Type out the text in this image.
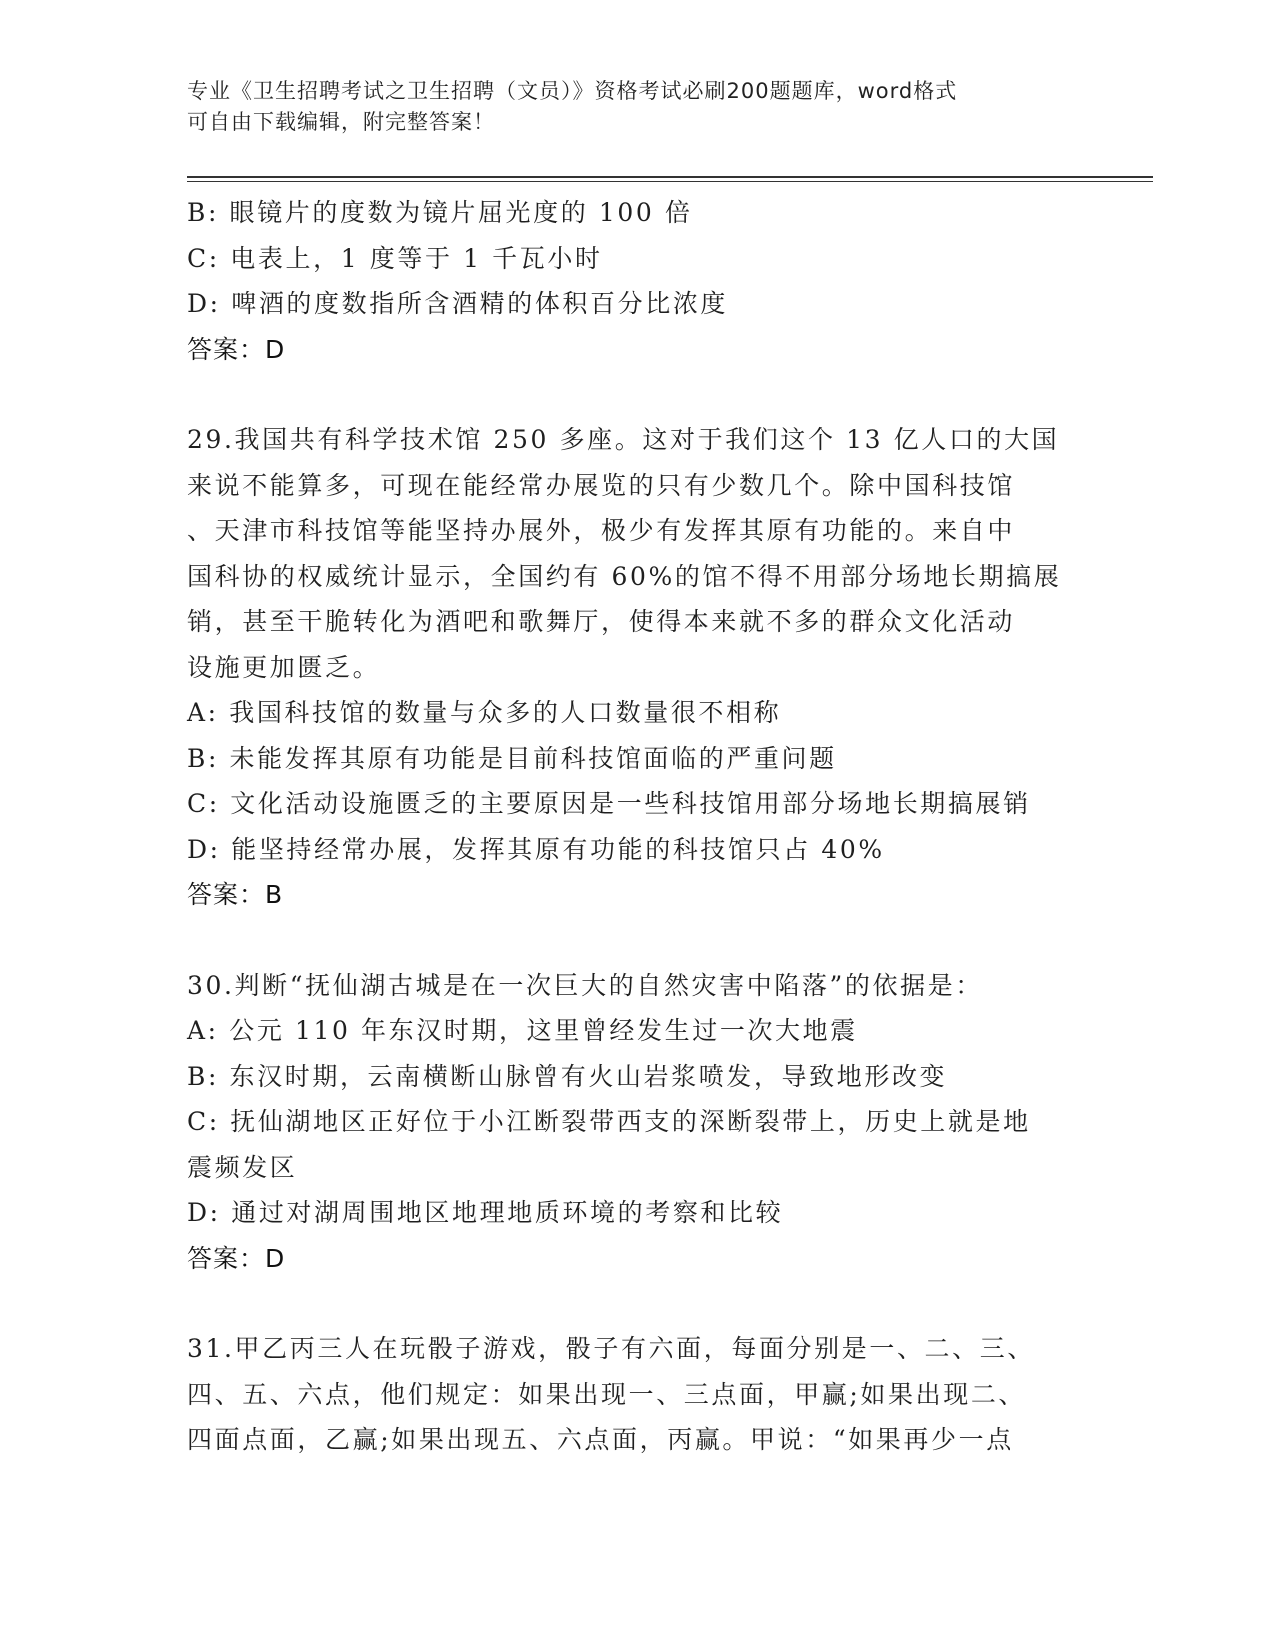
专业《卫生招聘考试之卫生招聘（文员）》资格考试必刷200题题库，word格式
可自由下载编辑，附完整答案！
B: 眼镜片的度数为镜片屈光度的 100 倍
C: 电表上，1 度等于 1 千瓦小时
D: 啤酒的度数指所含酒精的体积百分比浓度
答案：D
29.我国共有科学技术馆 250 多座。这对于我们这个 13 亿人口的大国
来说不能算多，可现在能经常办展览的只有少数几个。除中国科技馆
、天津市科技馆等能坚持办展外，极少有发挥其原有功能的。来自中
国科协的权威统计显示，全国约有 60%的馆不得不用部分场地长期搞展
销，甚至干脆转化为酒吧和歌舞厅，使得本来就不多的群众文化活动
设施更加匮乏。
A: 我国科技馆的数量与众多的人口数量很不相称
B: 未能发挥其原有功能是目前科技馆面临的严重问题
C: 文化活动设施匮乏的主要原因是一些科技馆用部分场地长期搞展销
D: 能坚持经常办展，发挥其原有功能的科技馆只占 40%
答案：B
30.判断“抚仙湖古城是在一次巨大的自然灾害中陷落”的依据是：
A: 公元 110 年东汉时期，这里曾经发生过一次大地震
B: 东汉时期，云南横断山脉曾有火山岩浆喷发，导致地形改变
C: 抚仙湖地区正好位于小江断裂带西支的深断裂带上，历史上就是地
震频发区
D: 通过对湖周围地区地理地质环境的考察和比较
答案：D
31.甲乙丙三人在玩骰子游戏，骰子有六面，每面分别是一、二、三、
四、五、六点，他们规定：如果出现一、三点面，甲赢;如果出现二、
四面点面，乙赢;如果出现五、六点面，丙赢。甲说：“如果再少一点
